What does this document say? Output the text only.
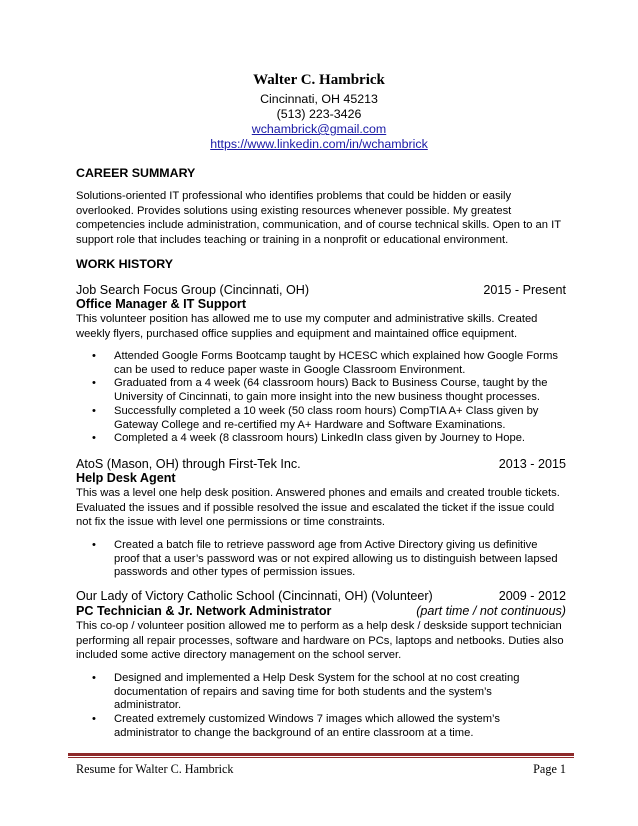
Walter C. Hambrick
Cincinnati, OH 45213
(513) 223-3426
wchambrick@gmail.com
https://www.linkedin.com/in/wchambrick
CAREER SUMMARY
Solutions-oriented IT professional who identifies problems that could be hidden or easily overlooked. Provides solutions using existing resources whenever possible. My greatest competencies include administration, communication, and of course technical skills. Open to an IT support role that includes teaching or training in a nonprofit or educational environment.
WORK HISTORY
Job Search Focus Group (Cincinnati, OH)	2015 - Present
Office Manager & IT Support
This volunteer position has allowed me to use my computer and administrative skills. Created weekly flyers, purchased office supplies and equipment and maintained office equipment.
• Attended Google Forms Bootcamp taught by HCESC which explained how Google Forms can be used to reduce paper waste in Google Classroom Environment.
• Graduated from a 4 week (64 classroom hours) Back to Business Course, taught by the University of Cincinnati, to gain more insight into the new business thought processes.
• Successfully completed a 10 week (50 class room hours) CompTIA A+ Class given by Gateway College and re-certified my A+ Hardware and Software Examinations.
• Completed a 4 week (8 classroom hours) LinkedIn class given by Journey to Hope.
AtoS (Mason, OH) through First-Tek Inc.	2013 - 2015
Help Desk Agent
This was a level one help desk position. Answered phones and emails and created trouble tickets. Evaluated the issues and if possible resolved the issue and escalated the ticket if the issue could not fix the issue with level one permissions or time constraints.
• Created a batch file to retrieve password age from Active Directory giving us definitive proof that a user’s password was or not expired allowing us to distinguish between lapsed passwords and other types of permission issues.
Our Lady of Victory Catholic School (Cincinnati, OH) (Volunteer)	2009 - 2012
PC Technician & Jr. Network Administrator	(part time / not continuous)
This co-op / volunteer position allowed me to perform as a help desk / deskside support technician performing all repair processes, software and hardware on PCs, laptops and netbooks. Duties also included some active directory management on the school server.
• Designed and implemented a Help Desk System for the school at no cost creating documentation of repairs and saving time for both students and the system’s administrator.
• Created extremely customized Windows 7 images which allowed the system’s administrator to change the background of an entire classroom at a time.
Resume for Walter C. Hambrick	Page 1
